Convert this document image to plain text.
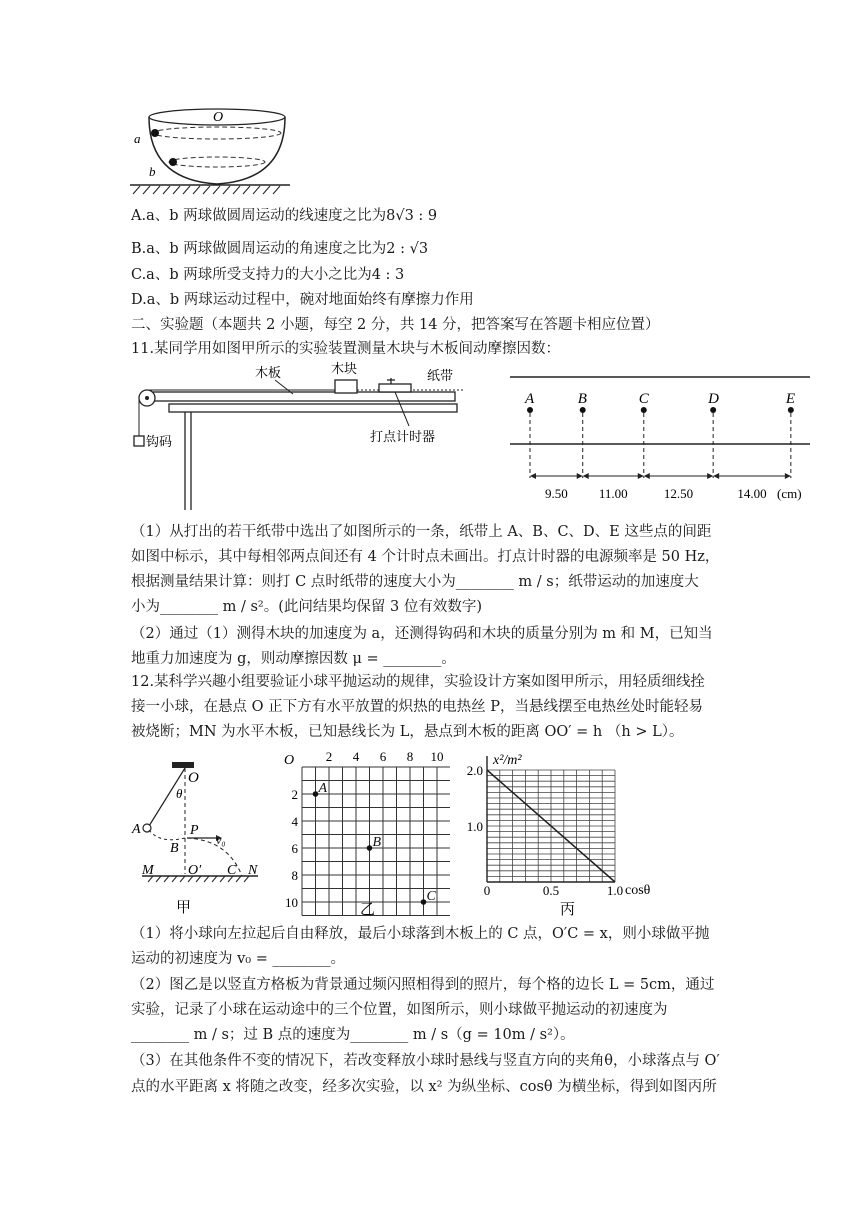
O
a
b
A.a、b 两球做圆周运动的线速度之比为8√3 : 9
B.a、b 两球做圆周运动的角速度之比为2 : √3
C.a、b 两球所受支持力的大小之比为4 : 3
D.a、b 两球运动过程中，碗对地面始终有摩擦力作用
二、实验题（本题共 2 小题，每空 2 分，共 14 分，把答案写在答题卡相应位置）
11.某同学用如图甲所示的实验装置测量木块与木板间动摩擦因数：
钩码
木块
打点计时器
纸带
木板
A	B	C	D	E
9.50 11.00	12.50	14.00 (cm)
（1）从打出的若干纸带中选出了如图所示的一条，纸带上 A、B、C、D、E 这些点的间距
如图中标示，其中每相邻两点间还有 4 个计时点未画出。打点计时器的电源频率是 50 Hz，
根据测量结果计算：则打 C 点时纸带的速度大小为________ m / s；纸带运动的加速度大
小为________ m / s²。(此问结果均保留 3 位有效数字)
（2）通过（1）测得木块的加速度为 a，还测得钩码和木块的质量分别为 m 和 M，已知当
地重力加速度为 g，则动摩擦因数 μ = ________。
12.某科学兴趣小组要验证小球平抛运动的规律，实验设计方案如图甲所示，用轻质细线拴
接一小球，在悬点 O 正下方有水平放置的炽热的电热丝 P，当悬线摆至电热丝处时能轻易
被烧断；MN 为水平木板，已知悬线长为 L，悬点到木板的距离 OO′ = h （h > L）。
O
θ
A	P
v₀
B
M O′ C N
甲
2 4 6 8 10
2
4
6
8
10
A
B
C
O
乙
2.0
1.0
0	0.5	1.0
x²/m²
cosθ
丙
（1）将小球向左拉起后自由释放，最后小球落到木板上的 C 点，O′C = x，则小球做平抛
运动的初速度为 v₀ = ________。
（2）图乙是以竖直方格板为背景通过频闪照相得到的照片，每个格的边长 L = 5cm，通过
实验，记录了小球在运动途中的三个位置，如图所示，则小球做平抛运动的初速度为
________ m / s；过 B 点的速度为________ m / s（g = 10m / s²）。
（3）在其他条件不变的情况下，若改变释放小球时悬线与竖直方向的夹角θ，小球落点与 O′
点的水平距离 x 将随之改变，经多次实验，以 x² 为纵坐标、cosθ 为横坐标，得到如图丙所
